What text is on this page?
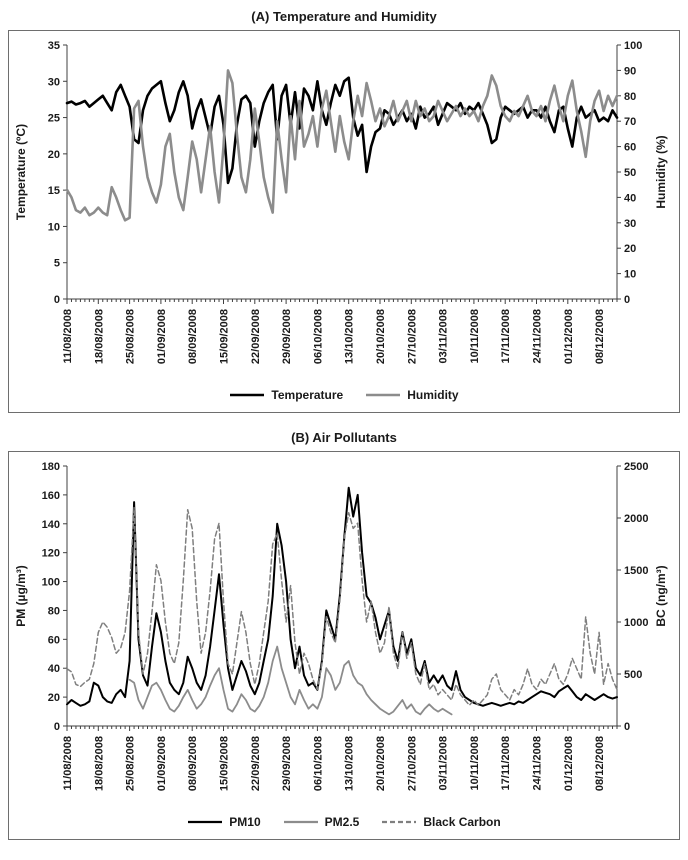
(A) Temperature and Humidity
0
5
10
15
20
25
30
35
0
10
20
30
40
50
60
70
80
90
100
11/08/2008 18/08/2008 25/08/2008 01/09/2008 08/09/2008 15/09/2008 22/09/2008 29/09/2008 06/10/2008 13/10/2008 20/10/2008 27/10/2008 03/11/2008 10/11/2008 17/11/2008 24/11/2008 01/12/2008 08/12/2008
Temperature (ºC)	Humidity (%)
Temperature	Humidity
(B) Air Pollutants
0
20
40
60
80
100
120
140
160
180
0
500
1000
1500
2000
2500
11/08/2008 18/08/2008 25/08/2008 01/09/2008 08/09/2008 15/09/2008 22/09/2008 29/09/2008 06/10/2008 13/10/2008 20/10/2008 27/10/2008 03/11/2008 10/11/2008 17/11/2008 24/11/2008 01/12/2008 08/12/2008
PM (µg/m³)	BC (ng/m³)
PM10	PM2.5	Black Carbon
